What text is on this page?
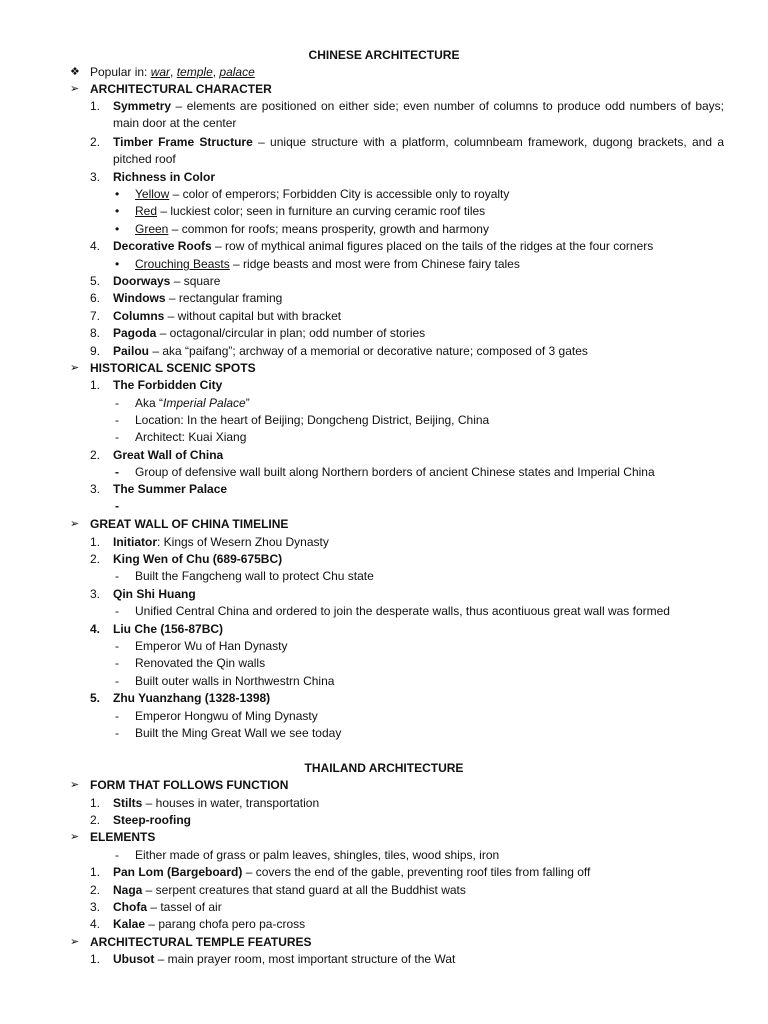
CHINESE ARCHITECTURE
❖ Popular in: war, temple, palace
➢ ARCHITECTURAL CHARACTER
1. Symmetry – elements are positioned on either side; even number of columns to produce odd numbers of bays; main door at the center
2. Timber Frame Structure – unique structure with a platform, columnbeam framework, dugong brackets, and a pitched roof
3. Richness in Color
• Yellow – color of emperors; Forbidden City is accessible only to royalty
• Red – luckiest color; seen in furniture an curving ceramic roof tiles
• Green – common for roofs; means prosperity, growth and harmony
4. Decorative Roofs – row of mythical animal figures placed on the tails of the ridges at the four corners
• Crouching Beasts – ridge beasts and most were from Chinese fairy tales
5. Doorways – square
6. Windows – rectangular framing
7. Columns – without capital but with bracket
8. Pagoda – octagonal/circular in plan; odd number of stories
9. Pailou – aka “paifang”; archway of a memorial or decorative nature; composed of 3 gates
➢ HISTORICAL SCENIC SPOTS
1. The Forbidden City
- Aka “Imperial Palace”
- Location: In the heart of Beijing; Dongcheng District, Beijing, China
- Architect: Kuai Xiang
2. Great Wall of China
- Group of defensive wall built along Northern borders of ancient Chinese states and Imperial China
3. The Summer Palace
-
➢ GREAT WALL OF CHINA TIMELINE
1. Initiator: Kings of Wesern Zhou Dynasty
2. King Wen of Chu (689-675BC)
- Built the Fangcheng wall to protect Chu state
3. Qin Shi Huang
- Unified Central China and ordered to join the desperate walls, thus acontiuous great wall was formed
4. Liu Che (156-87BC)
- Emperor Wu of Han Dynasty
- Renovated the Qin walls
- Built outer walls in Northwestrn China
5. Zhu Yuanzhang (1328-1398)
- Emperor Hongwu of Ming Dynasty
- Built the Ming Great Wall we see today
THAILAND ARCHITECTURE
➢ FORM THAT FOLLOWS FUNCTION
1. Stilts – houses in water, transportation
2. Steep-roofing
➢ ELEMENTS
- Either made of grass or palm leaves, shingles, tiles, wood ships, iron
1. Pan Lom (Bargeboard) – covers the end of the gable, preventing roof tiles from falling off
2. Naga – serpent creatures that stand guard at all the Buddhist wats
3. Chofa – tassel of air
4. Kalae – parang chofa pero pa-cross
➢ ARCHITECTURAL TEMPLE FEATURES
1. Ubusot – main prayer room, most important structure of the Wat
